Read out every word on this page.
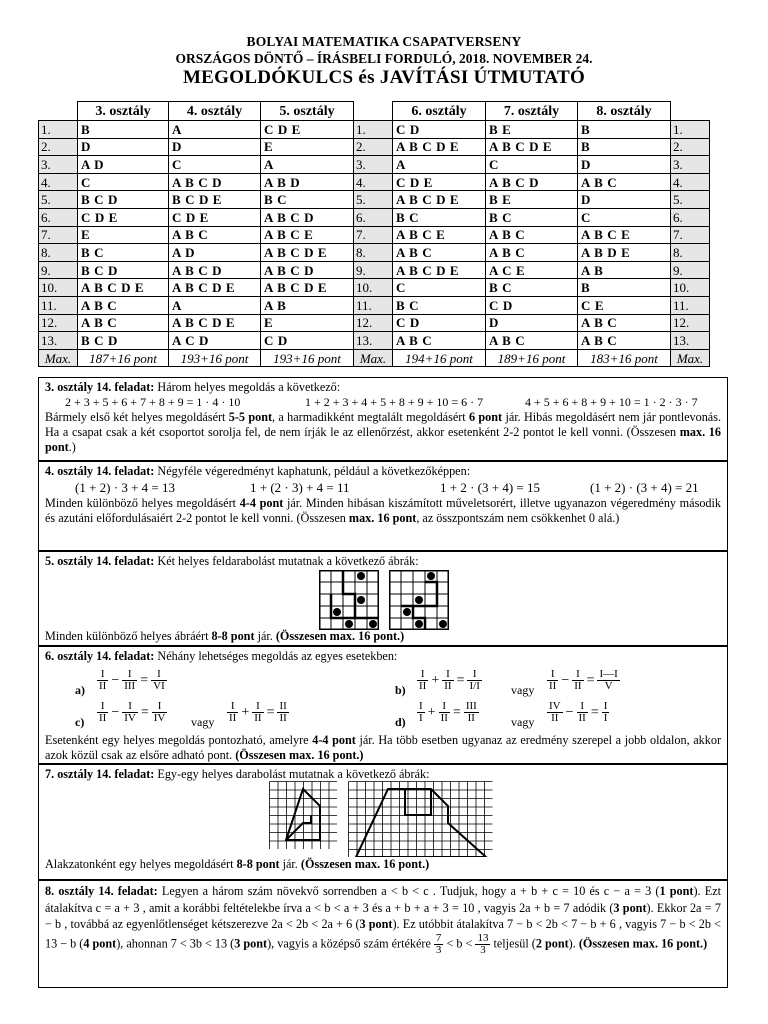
BOLYAI MATEMATIKA CSAPATVERSENY
ORSZÁGOS DÖNTŐ – ÍRÁSBELI FORDULÓ, 2018. NOVEMBER 24.
MEGOLDÓKULCS és JAVÍTÁSI ÚTMUTATÓ
	3. osztály	4. osztály	5. osztály		6. osztály	7. osztály	8. osztály	
1.	B	A	C D E	1.	C D	B E	B	1.
2.	D	D	E	2.	A B C D E	A B C D E	B	2.
3.	A D	C	A	3.	A	C	D	3.
4.	C	A B C D	A B D	4.	C D E	A B C D	A B C	4.
5.	B C D	B C D E	B C	5.	A B C D E	B E	D	5.
6.	C D E	C D E	A B C D	6.	B C	B C	C	6.
7.	E	A B C	A B C E	7.	A B C E	A B C	A B C E	7.
8.	B C	A D	A B C D E	8.	A B C	A B C	A B D E	8.
9.	B C D	A B C D	A B C D	9.	A B C D E	A C E	A B	9.
10.	A B C D E	A B C D E	A B C D E	10.	C	B C	B	10.
11.	A B C	A	A B	11.	B C	C D	C E	11.
12.	A B C	A B C D E	E	12.	C D	D	A B C	12.
13.	B C D	A C D	C D	13.	A B C	A B C	A B C	13.
Max.	187+16 pont	193+16 pont	193+16 pont	Max.	194+16 pont	189+16 pont	183+16 pont	Max.
3. osztály 14. feladat: Három helyes megoldás a következő:
2 + 3 + 5 + 6 + 7 + 8 + 9 = 1 · 4 · 10	1 + 2 + 3 + 4 + 5 + 8 + 9 + 10 = 6 · 7	4 + 5 + 6 + 8 + 9 + 10 = 1 · 2 · 3 · 7
Bármely első két helyes megoldásért 5-5 pont, a harmadikként megtalált megoldásért 6 pont jár. Hibás megoldásért nem jár pontlevonás. Ha a csapat csak a két csoportot sorolja fel, de nem írják le az ellenőrzést, akkor esetenként 2-2 pontot le kell vonni. (Összesen max. 16 pont.)
4. osztály 14. feladat: Négyféle végeredményt kaphatunk, például a következőképpen:
(1 + 2) · 3 + 4 = 13	1 + (2 · 3) + 4 = 11	1 + 2 · (3 + 4) = 15	(1 + 2) · (3 + 4) = 21
Minden különböző helyes megoldásért 4-4 pont jár. Minden hibásan kiszámított műveletsorért, illetve ugyanazon végeredmény második és azutáni előfordulásaiért 2-2 pontot le kell vonni. (Összesen max. 16 pont, az összpontszám nem csökkenhet 0 alá.)
5. osztály 14. feladat: Két helyes feldarabolást mutatnak a következő ábrák:
Minden különböző helyes ábráért 8-8 pont jár. (Összesen max. 16 pont.)
6. osztály 14. feladat: Néhány lehetséges megoldás az egyes esetekben:
$a) \frac{I}{II} - \frac{I}{\text{III}} = \frac{I}{VI}$	$b) \frac{I}{II} + \frac{I}{II} = \frac{I}{I/I}$ vagy $\frac{I}{II} - \frac{I}{II} = \frac{I—I}{V}$
$c) \frac{I}{II} - \frac{I}{IV} = \frac{I}{IV}$ vagy $\frac{I}{II} + \frac{I}{II} = \frac{II}{II}$	$d) \frac{I}{I} + \frac{I}{II} = \frac{\text{III}}{II}$	vagy $\frac{IV}{II} - \frac{I}{II} = \frac{I}{I}$
Esetenként egy helyes megoldás pontozható, amelyre 4-4 pont jár. Ha több esetben ugyanaz az eredmény szerepel a jobb oldalon, akkor azok közül csak az elsőre adható pont. (Összesen max. 16 pont.)
7. osztály 14. feladat: Egy-egy helyes darabolást mutatnak a következő ábrák:
Alakzatonként egy helyes megoldásért 8-8 pont jár. (Összesen max. 16 pont.)
8. osztály 14. feladat: Legyen a három szám növekvő sorrendben a < b < c . Tudjuk, hogy a + b + c = 10 és c − a = 3 (1 pont). Ezt átalakítva c = a + 3 , amit a korábbi feltételekbe írva a < b < a + 3 és a + b + a + 3 = 10 , vagyis 2a + b = 7 adódik (3 pont). Ekkor 2a = 7 − b , továbbá az egyenlőtlenséget kétszerezve 2a < 2b < 2a + 6 (3 pont). Ez utóbbit átalakítva 7 − b < 2b < 7 − b + 6 , vagyis 7 − b < 2b < 13 − b (4 pont), ahonnan 7 < 3b < 13 (3 pont), vagyis a középső szám értékére $\frac{7}{3} < b < \frac{13}{3}$ teljesül (2 pont). (Összesen max. 16 pont.)
